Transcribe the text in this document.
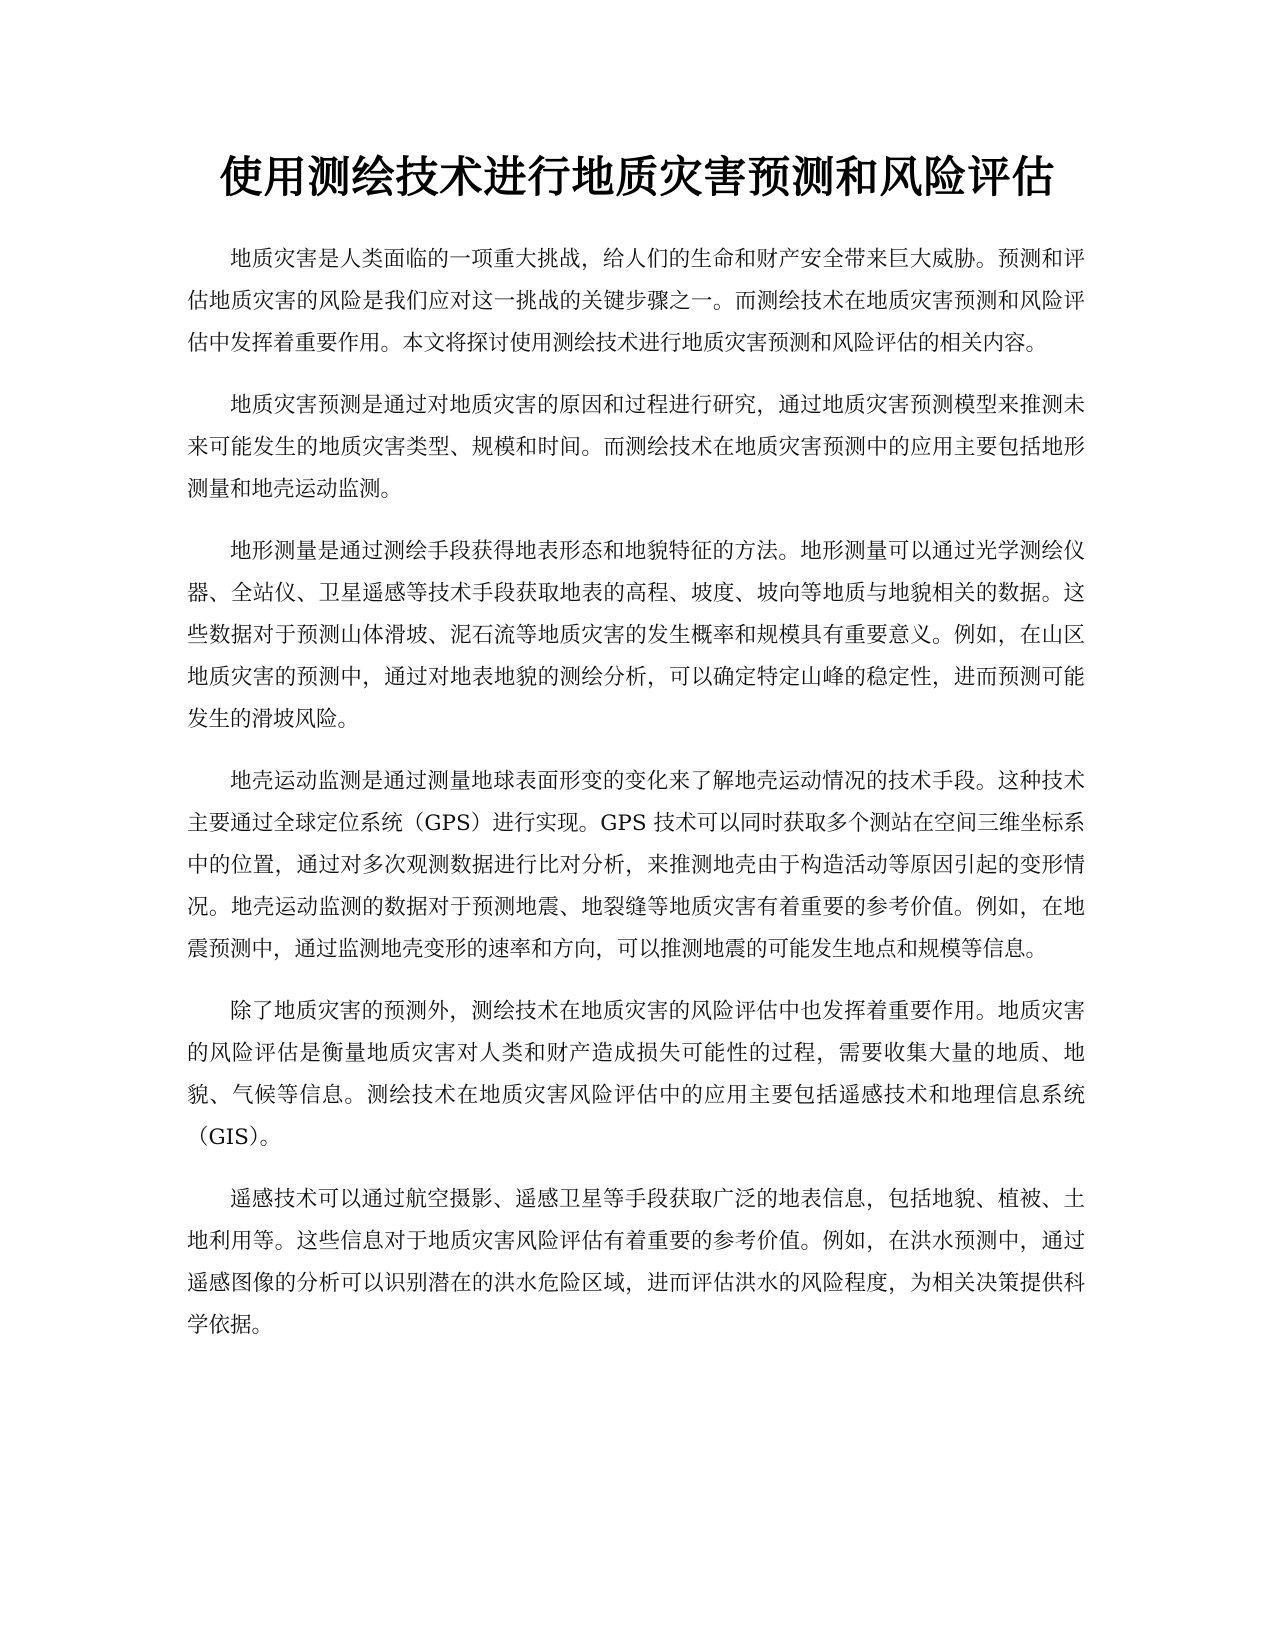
使用测绘技术进行地质灾害预测和风险评估

地质灾害是人类面临的一项重大挑战，给人们的生命和财产安全带来巨大威胁。预测和评估地质灾害的风险是我们应对这一挑战的关键步骤之一。而测绘技术在地质灾害预测和风险评估中发挥着重要作用。本文将探讨使用测绘技术进行地质灾害预测和风险评估的相关内容。

地质灾害预测是通过对地质灾害的原因和过程进行研究，通过地质灾害预测模型来推测未来可能发生的地质灾害类型、规模和时间。而测绘技术在地质灾害预测中的应用主要包括地形测量和地壳运动监测。

地形测量是通过测绘手段获得地表形态和地貌特征的方法。地形测量可以通过光学测绘仪器、全站仪、卫星遥感等技术手段获取地表的高程、坡度、坡向等地质与地貌相关的数据。这些数据对于预测山体滑坡、泥石流等地质灾害的发生概率和规模具有重要意义。例如，在山区地质灾害的预测中，通过对地表地貌的测绘分析，可以确定特定山峰的稳定性，进而预测可能发生的滑坡风险。

地壳运动监测是通过测量地球表面形变的变化来了解地壳运动情况的技术手段。这种技术主要通过全球定位系统（GPS）进行实现。GPS 技术可以同时获取多个测站在空间三维坐标系中的位置，通过对多次观测数据进行比对分析，来推测地壳由于构造活动等原因引起的变形情况。地壳运动监测的数据对于预测地震、地裂缝等地质灾害有着重要的参考价值。例如，在地震预测中，通过监测地壳变形的速率和方向，可以推测地震的可能发生地点和规模等信息。

除了地质灾害的预测外，测绘技术在地质灾害的风险评估中也发挥着重要作用。地质灾害的风险评估是衡量地质灾害对人类和财产造成损失可能性的过程，需要收集大量的地质、地貌、气候等信息。测绘技术在地质灾害风险评估中的应用主要包括遥感技术和地理信息系统（GIS）。

遥感技术可以通过航空摄影、遥感卫星等手段获取广泛的地表信息，包括地貌、植被、土地利用等。这些信息对于地质灾害风险评估有着重要的参考价值。例如，在洪水预测中，通过遥感图像的分析可以识别潜在的洪水危险区域，进而评估洪水的风险程度，为相关决策提供科学依据。
